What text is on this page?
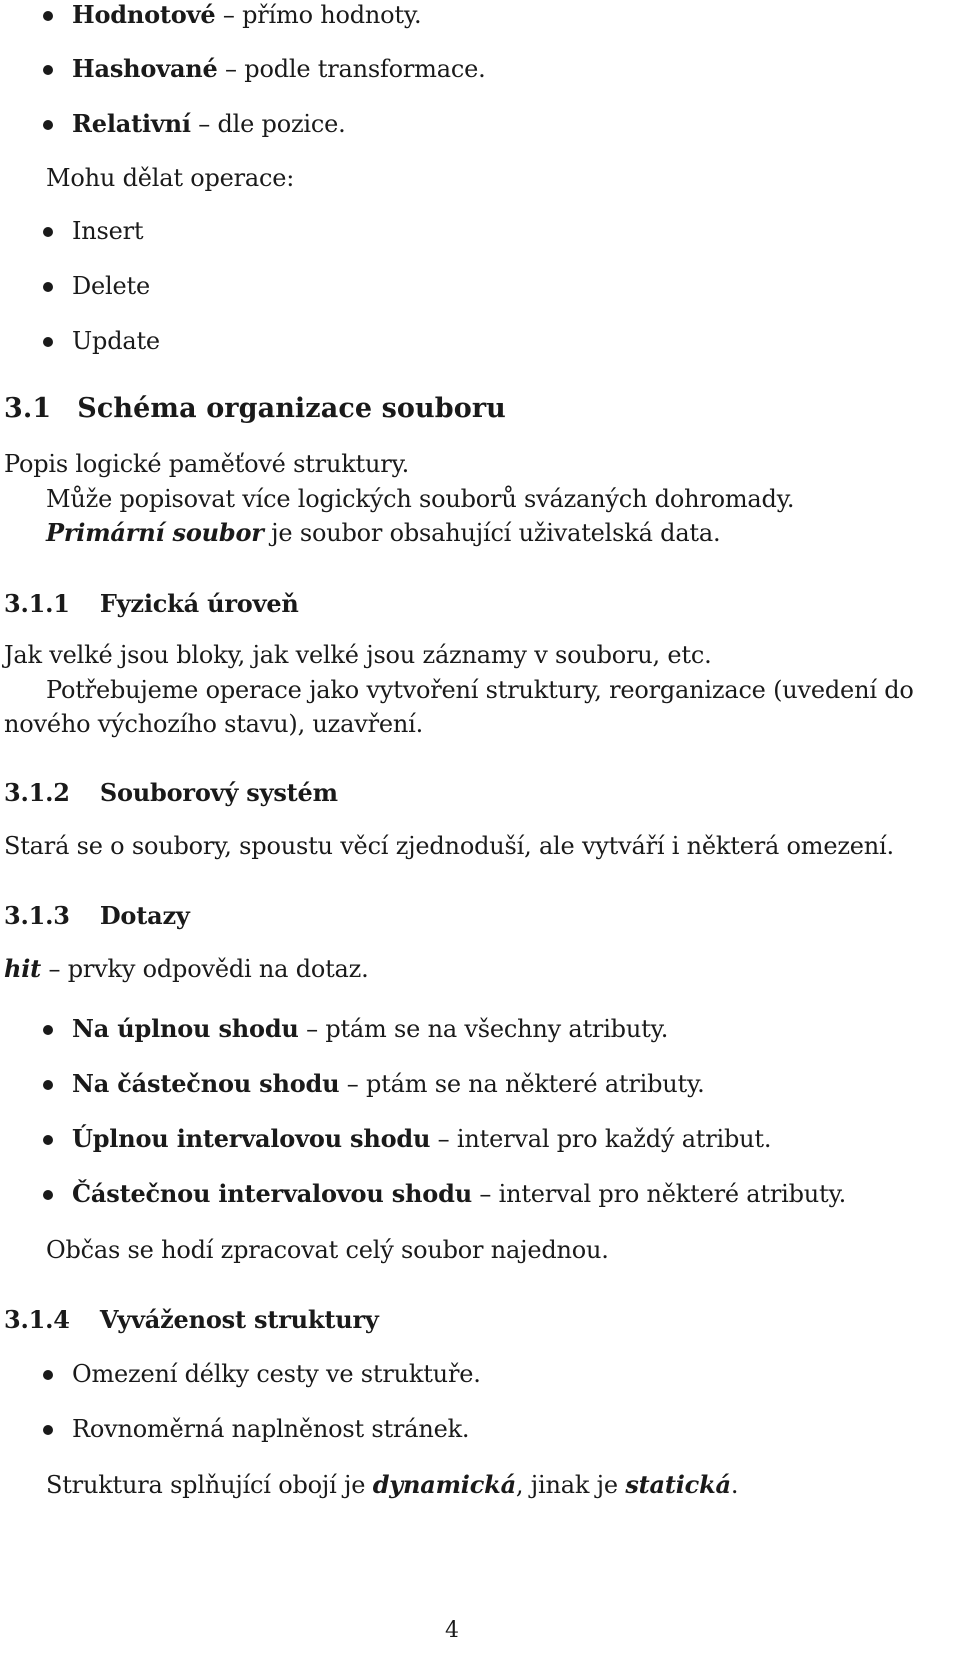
Hodnotové – přímo hodnoty.
Hashované – podle transformace.
Relativní – dle pozice.
Mohu dělat operace:
Insert
Delete
Update
3.1 Schéma organizace souboru
Popis logické paměťové struktury.
Může popisovat více logických souborů svázaných dohromady.
Primární soubor je soubor obsahující uživatelská data.
3.1.1 Fyzická úroveň
Jak velké jsou bloky, jak velké jsou záznamy v souboru, etc.
Potřebujeme operace jako vytvoření struktury, reorganizace (uvedení do
nového výchozího stavu), uzavření.
3.1.2 Souborový systém
Stará se o soubory, spoustu věcí zjednoduší, ale vytváří i některá omezení.
3.1.3 Dotazy
hit – prvky odpovědi na dotaz.
Na úplnou shodu – ptám se na všechny atributy.
Na částečnou shodu – ptám se na některé atributy.
Úplnou intervalovou shodu – interval pro každý atribut.
Částečnou intervalovou shodu – interval pro některé atributy.
Občas se hodí zpracovat celý soubor najednou.
3.1.4 Vyváženost struktury
Omezení délky cesty ve struktuře.
Rovnoměrná naplněnost stránek.
Struktura splňující obojí je dynamická, jinak je statická.
4
